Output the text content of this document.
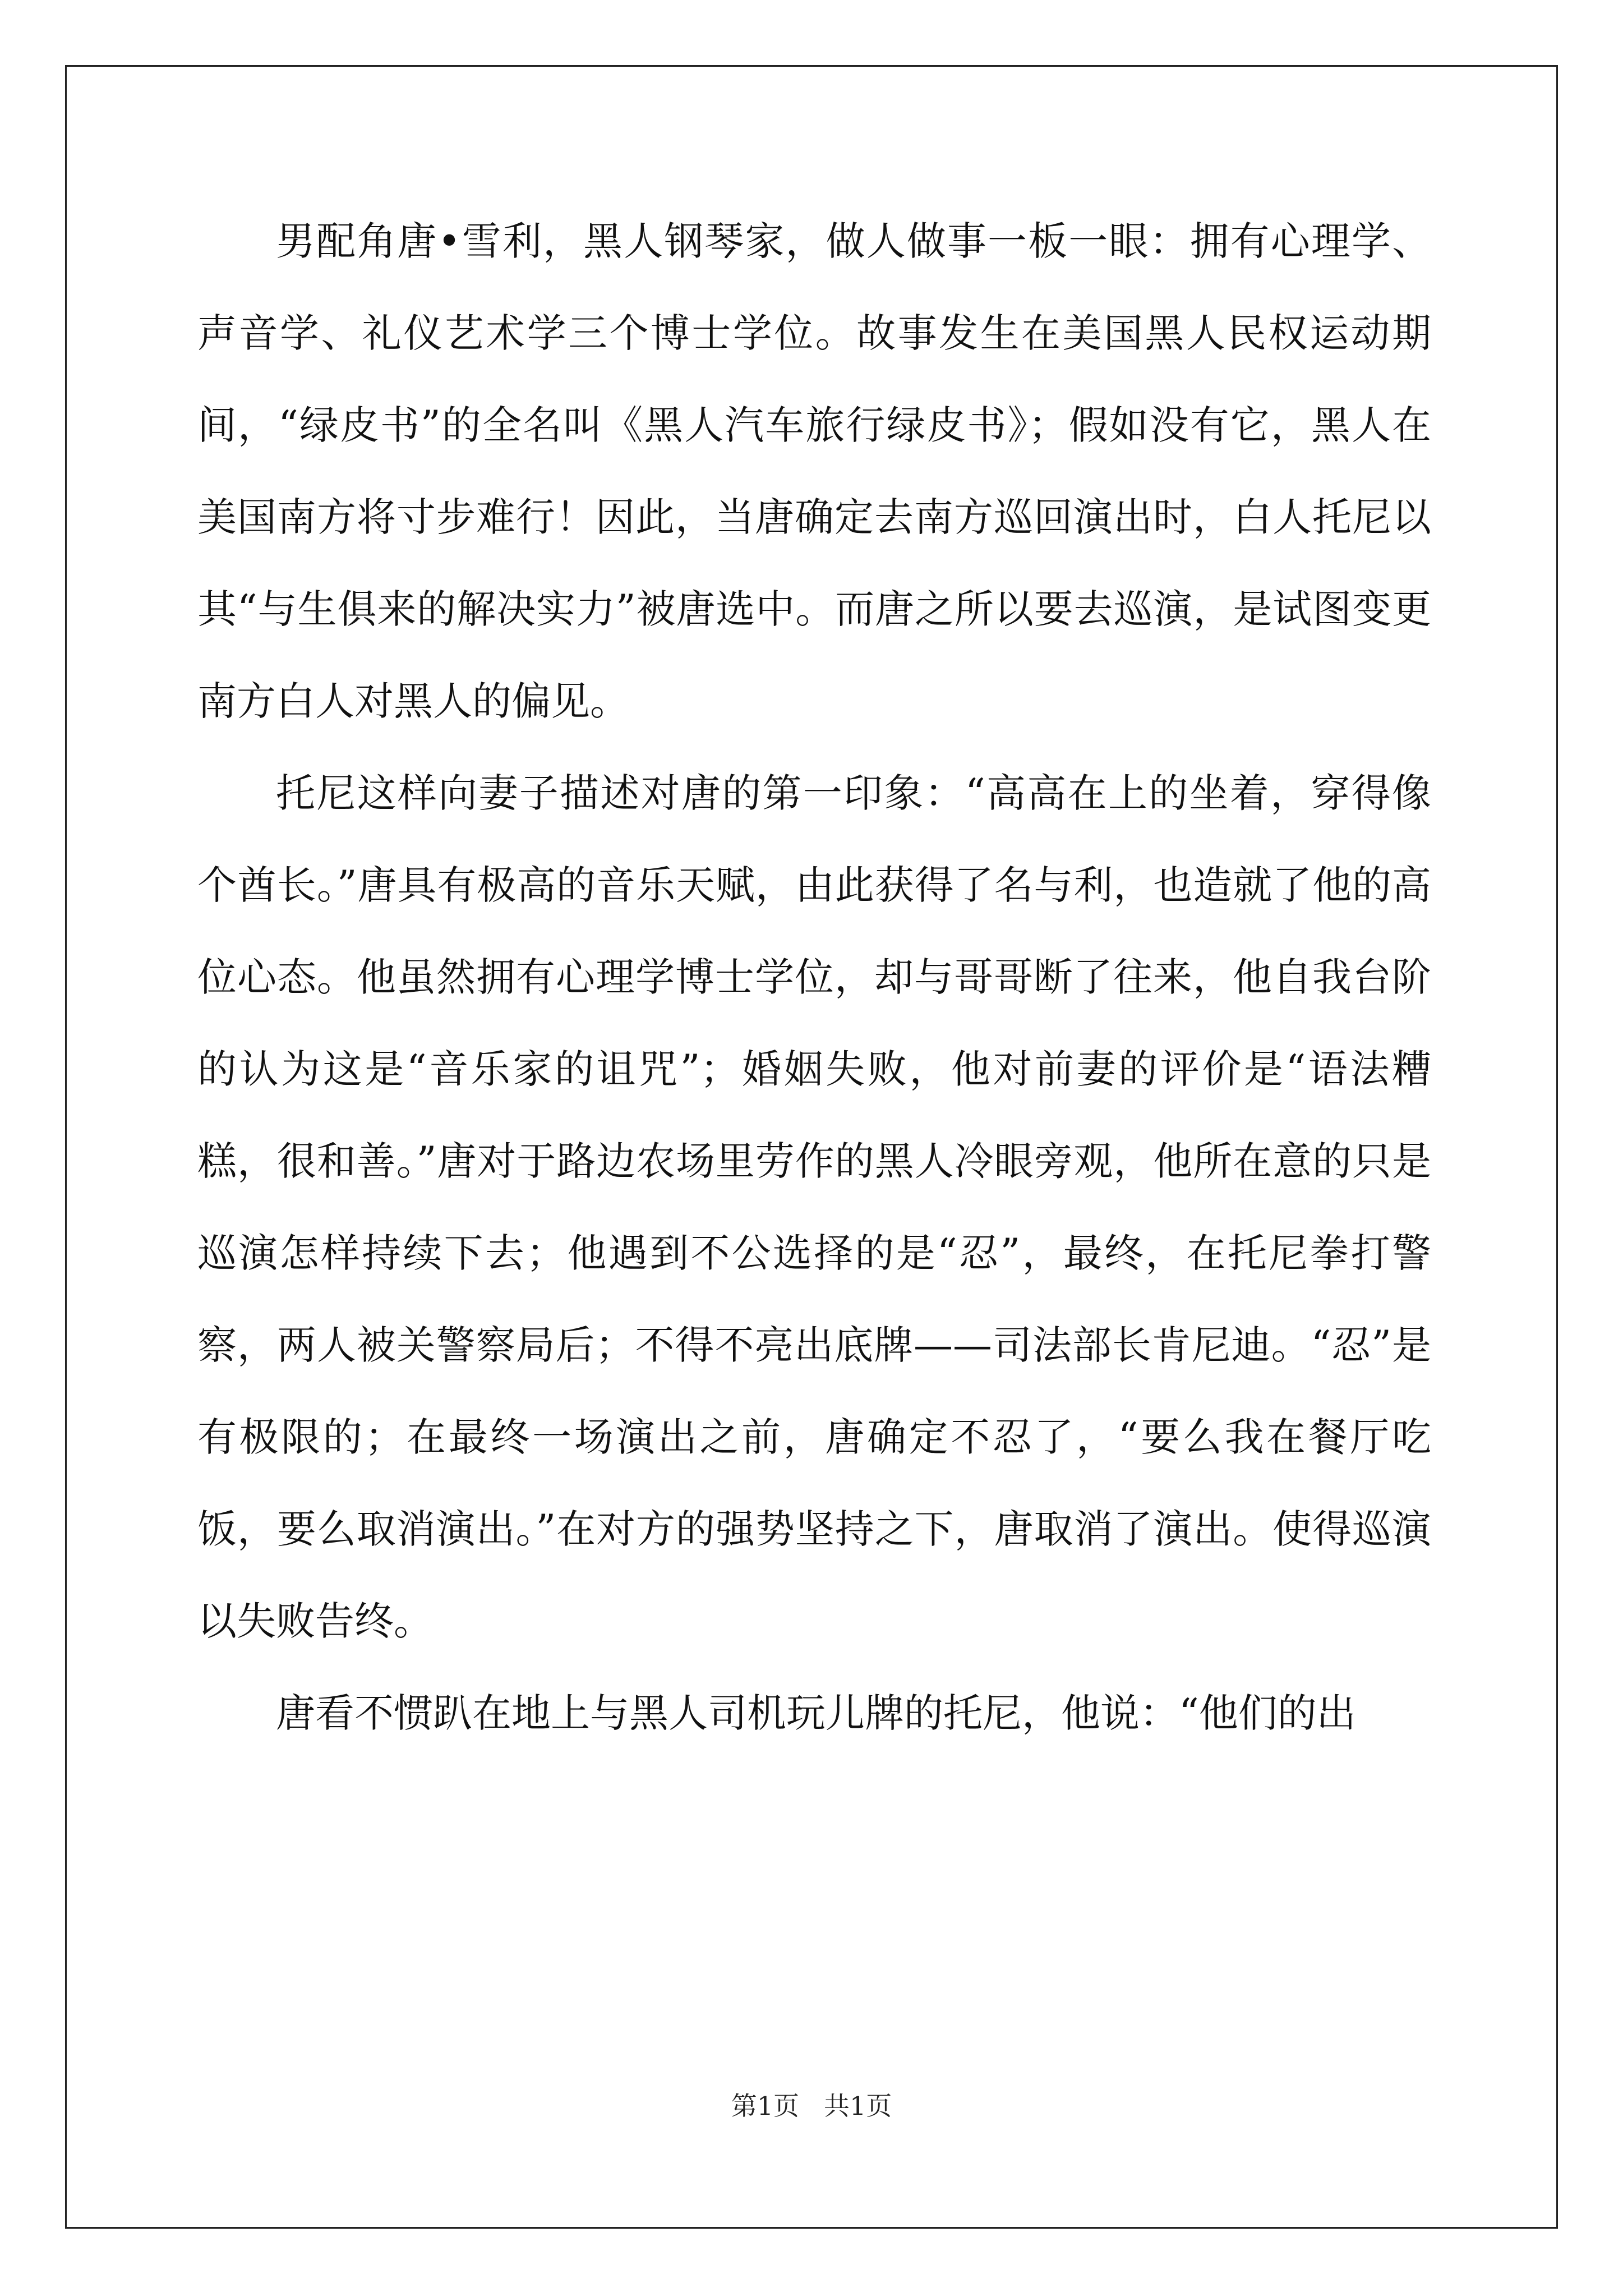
男配角唐•雪利，黑人钢琴家，做人做事一板一眼：拥有心理学、声音学、礼仪艺术学三个博士学位。故事发生在美国黑人民权运动期间，“绿皮书”的全名叫《黑人汽车旅行绿皮书》；假如没有它，黑人在美国南方将寸步难行！因此，当唐确定去南方巡回演出时，白人托尼以其“与生俱来的解决实力”被唐选中。而唐之所以要去巡演，是试图变更南方白人对黑人的偏见。

托尼这样向妻子描述对唐的第一印象：“高高在上的坐着，穿得像个酋长。”唐具有极高的音乐天赋，由此获得了名与利，也造就了他的高位心态。他虽然拥有心理学博士学位，却与哥哥断了往来，他自我台阶的认为这是“音乐家的诅咒”；婚姻失败，他对前妻的评价是“语法糟糕，很和善。”唐对于路边农场里劳作的黑人冷眼旁观，他所在意的只是巡演怎样持续下去；他遇到不公选择的是“忍”，最终，在托尼拳打警察，两人被关警察局后；不得不亮出底牌——司法部长肯尼迪。“忍”是有极限的；在最终一场演出之前，唐确定不忍了，“要么我在餐厅吃饭，要么取消演出。”在对方的强势坚持之下，唐取消了演出。使得巡演以失败告终。

唐看不惯趴在地上与黑人司机玩儿牌的托尼，他说：“他们的出

第1页 共1页
